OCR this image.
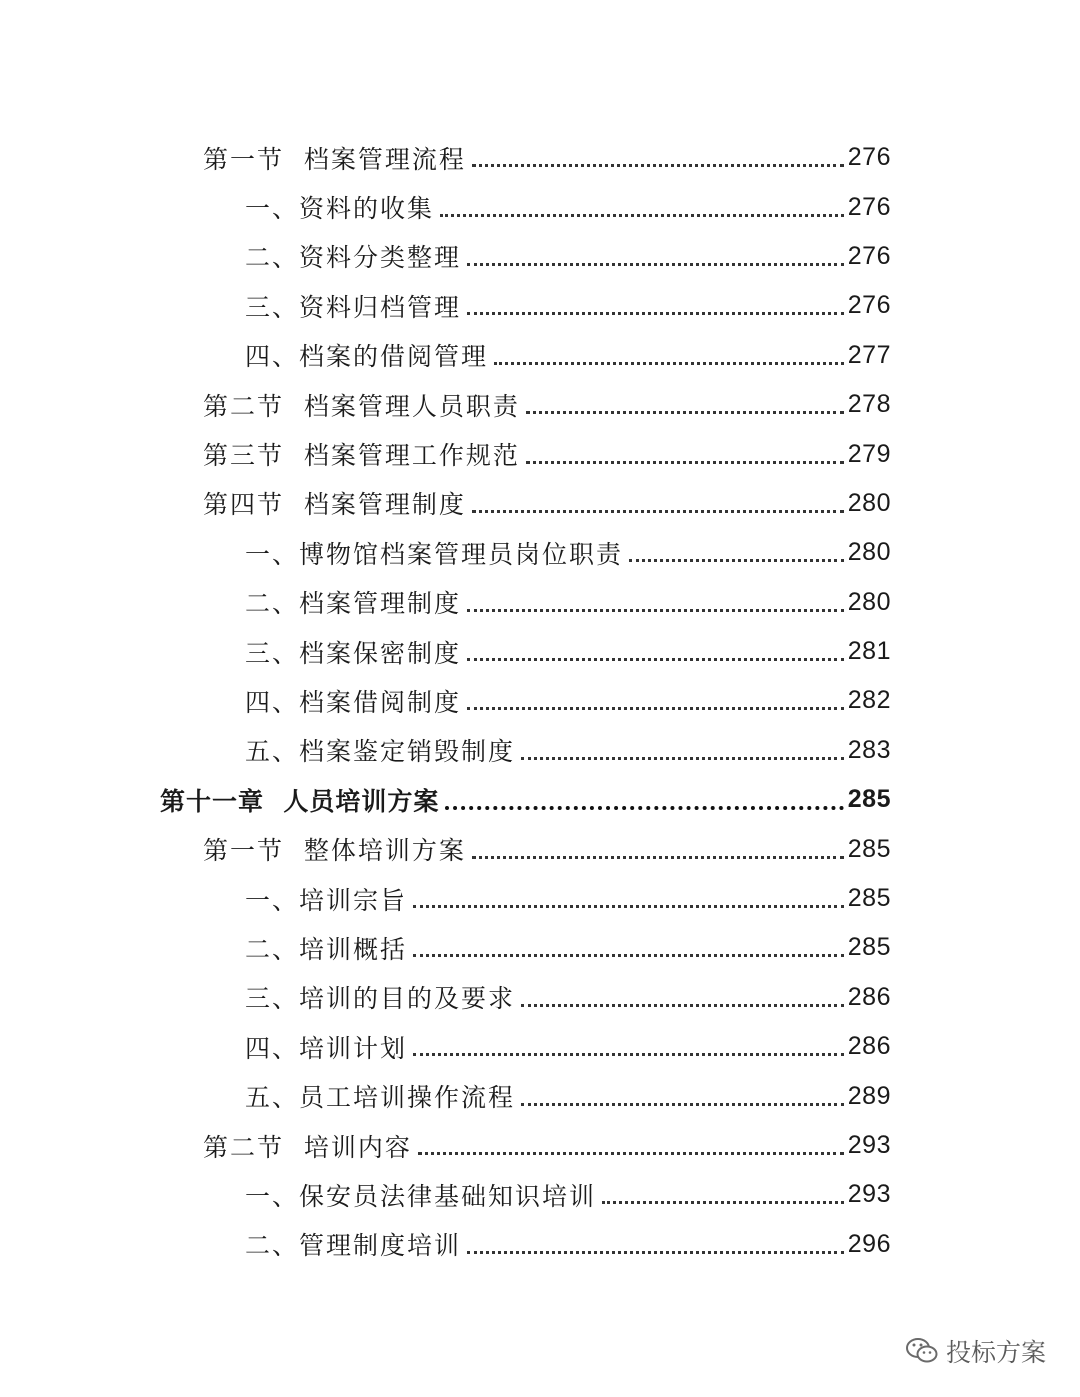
第一节  档案管理流程	276
一、资料的收集	276
二、资料分类整理	276
三、资料归档管理	276
四、档案的借阅管理	277
第二节  档案管理人员职责	278
第三节  档案管理工作规范	279
第四节  档案管理制度	280
一、博物馆档案管理员岗位职责	280
二、档案管理制度	280
三、档案保密制度	281
四、档案借阅制度	282
五、档案鉴定销毁制度	283
第十一章  人员培训方案	285
第一节  整体培训方案	285
一、培训宗旨	285
二、培训概括	285
三、培训的目的及要求	286
四、培训计划	286
五、员工培训操作流程	289
第二节  培训内容	293
一、保安员法律基础知识培训	293
二、管理制度培训	296
投标方案
